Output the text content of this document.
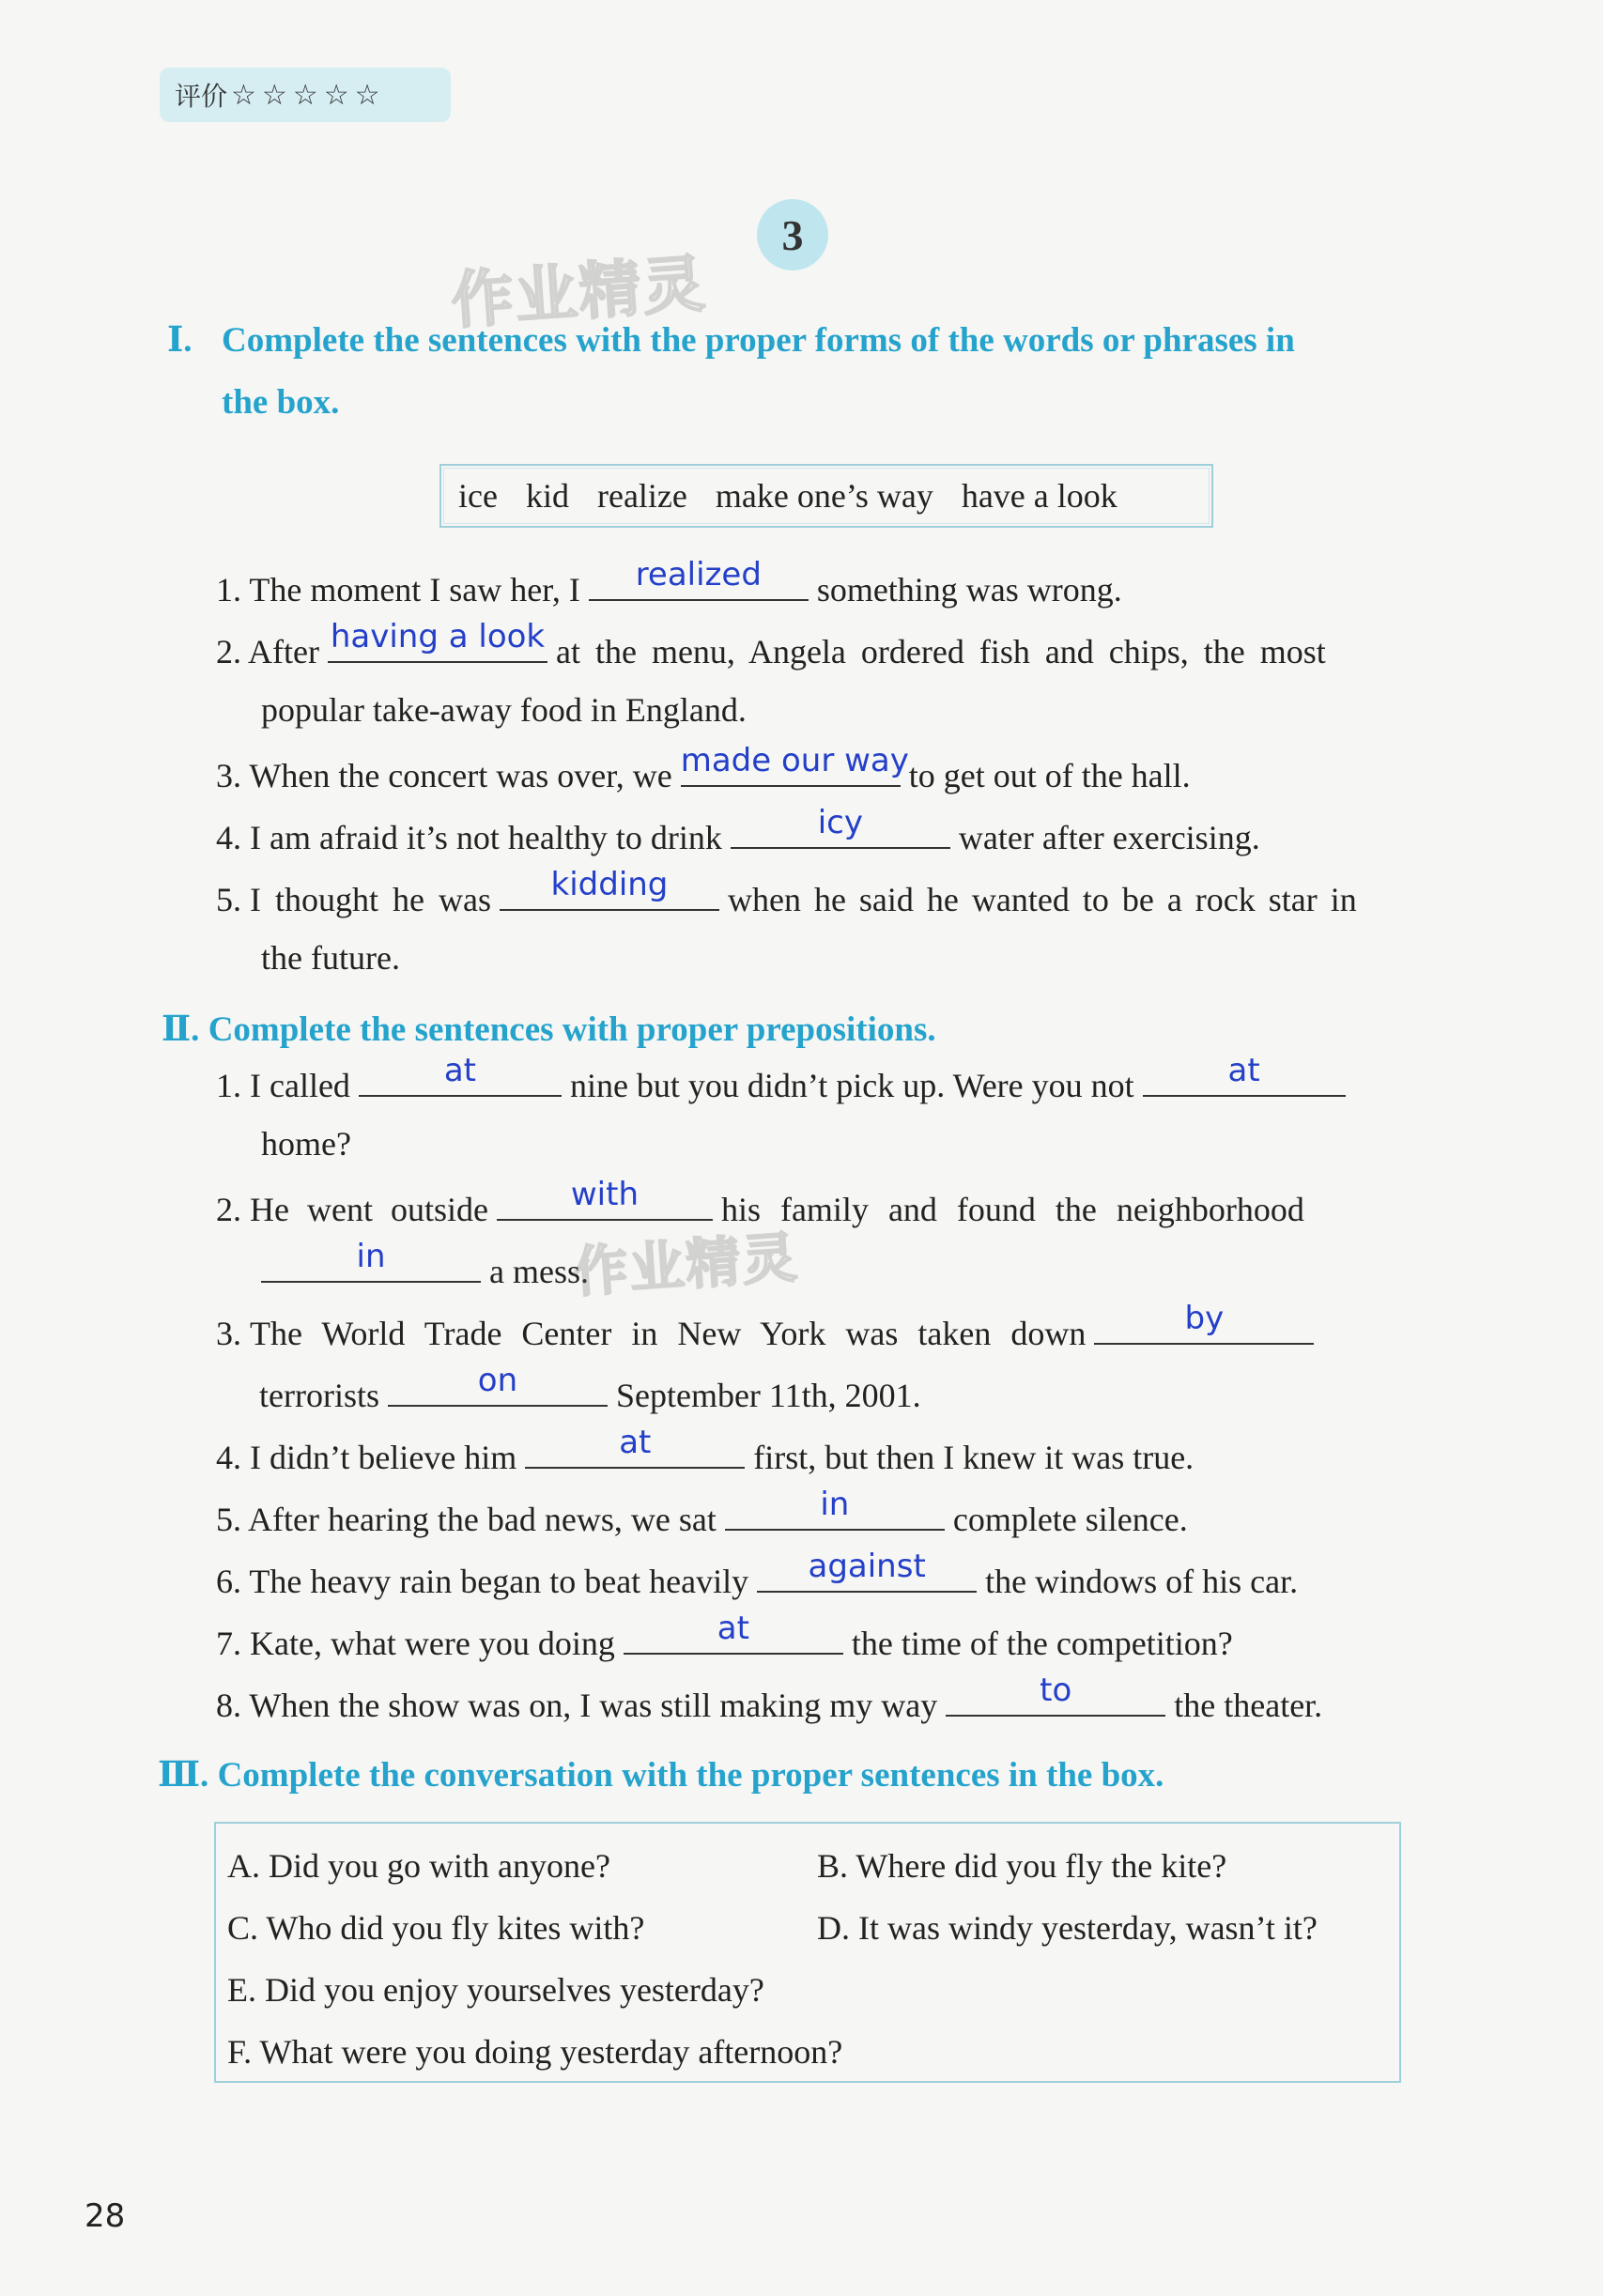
评价 ☆☆☆☆☆
3
作业精灵
Ⅰ. Complete the sentences with the proper forms of the words or phrases in
the box.
ice kid realize make one’s way have a look
1. The moment I saw her, I	realized	something was wrong.
2. After having a look at the menu, Angela ordered fish and chips, the most
popular take-away food in England.
3. When the concert was over, we made our way to get out of the hall.
4. I am afraid it’s not healthy to drink	icy	water after exercising.
5. I thought he was	kidding	when he said he wanted to be a rock star in
the future.
Ⅱ. Complete the sentences with proper prepositions.
1. I called	at	nine but you didn’t pick up. Were you not	at
home?
2. He went outside	with	his family and found the neighborhood
in	a mess.
作业精灵
3. The World Trade Center in New York was taken down	by
terrorists	on	September 11th, 2001.
4. I didn’t believe him	at	first, but then I knew it was true.
5. After hearing the bad news, we sat	in	complete silence.
6. The heavy rain began to beat heavily	against	the windows of his car.
7. Kate, what were you doing	at	the time of the competition?
8. When the show was on, I was still making my way	to	the theater.
Ⅲ. Complete the conversation with the proper sentences in the box.
A. Did you go with anyone?	B. Where did you fly the kite?
C. Who did you fly kites with?	D. It was windy yesterday, wasn’t it?
E. Did you enjoy yourselves yesterday?
F. What were you doing yesterday afternoon?
28
